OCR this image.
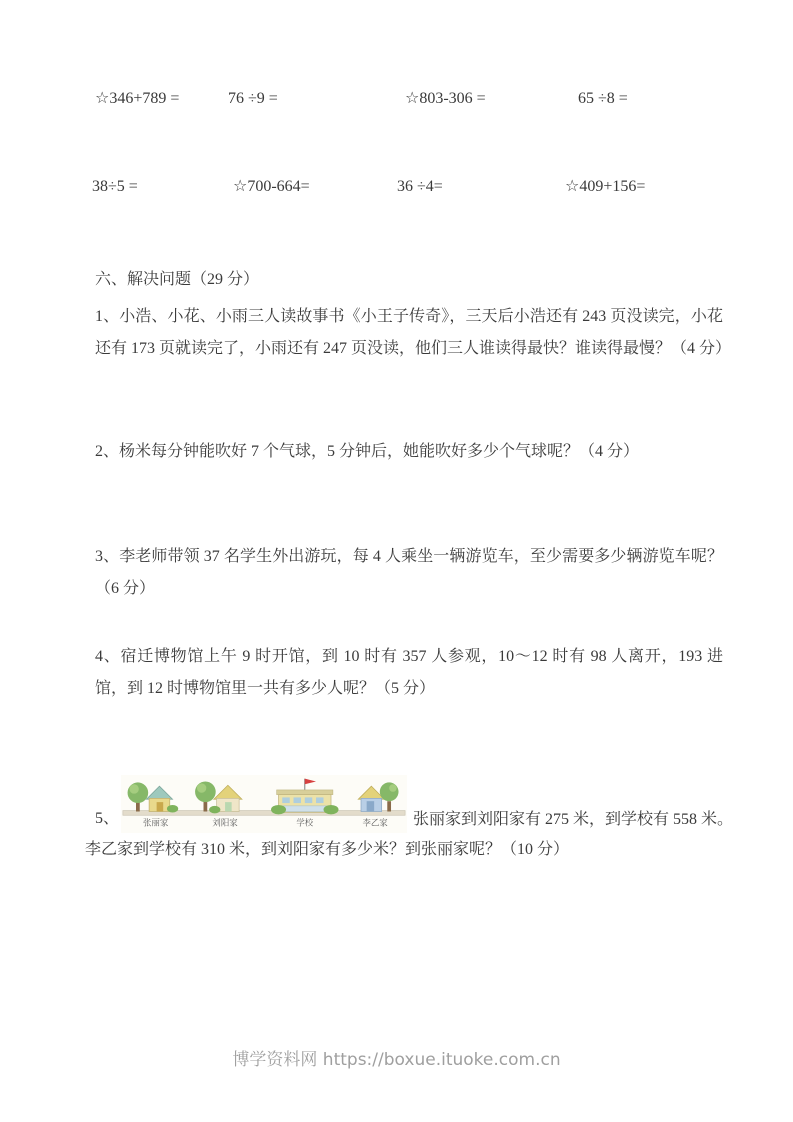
☆346+789 =	76 ÷9 =	☆803-306 =	65 ÷8 =
38÷5 =	☆700-664=	36 ÷4=	☆409+156=
六、解决问题（29 分）

1、小浩、小花、小雨三人读故事书《小王子传奇》，三天后小浩还有 243 页没读完，小花还有 173 页就读完了，小雨还有 247 页没读，他们三人谁读得最快？谁读得最慢？（4 分）

2、杨米每分钟能吹好 7 个气球，5 分钟后，她能吹好多少个气球呢？（4 分）

3、李老师带领 37 名学生外出游玩，每 4 人乘坐一辆游览车，至少需要多少辆游览车呢？（6 分）

4、宿迁博物馆上午 9 时开馆，到 10 时有 357 人参观，10～12 时有 98 人离开，193 进馆，到 12 时博物馆里一共有多少人呢？（5 分）

5、	张丽家	刘阳家	学校	李乙家 张丽家到刘阳家有 275 米，到学校有 558 米。
李乙家到学校有 310 米，到刘阳家有多少米？到张丽家呢？（10 分）
博学资料网 https://boxue.ituoke.com.cn
